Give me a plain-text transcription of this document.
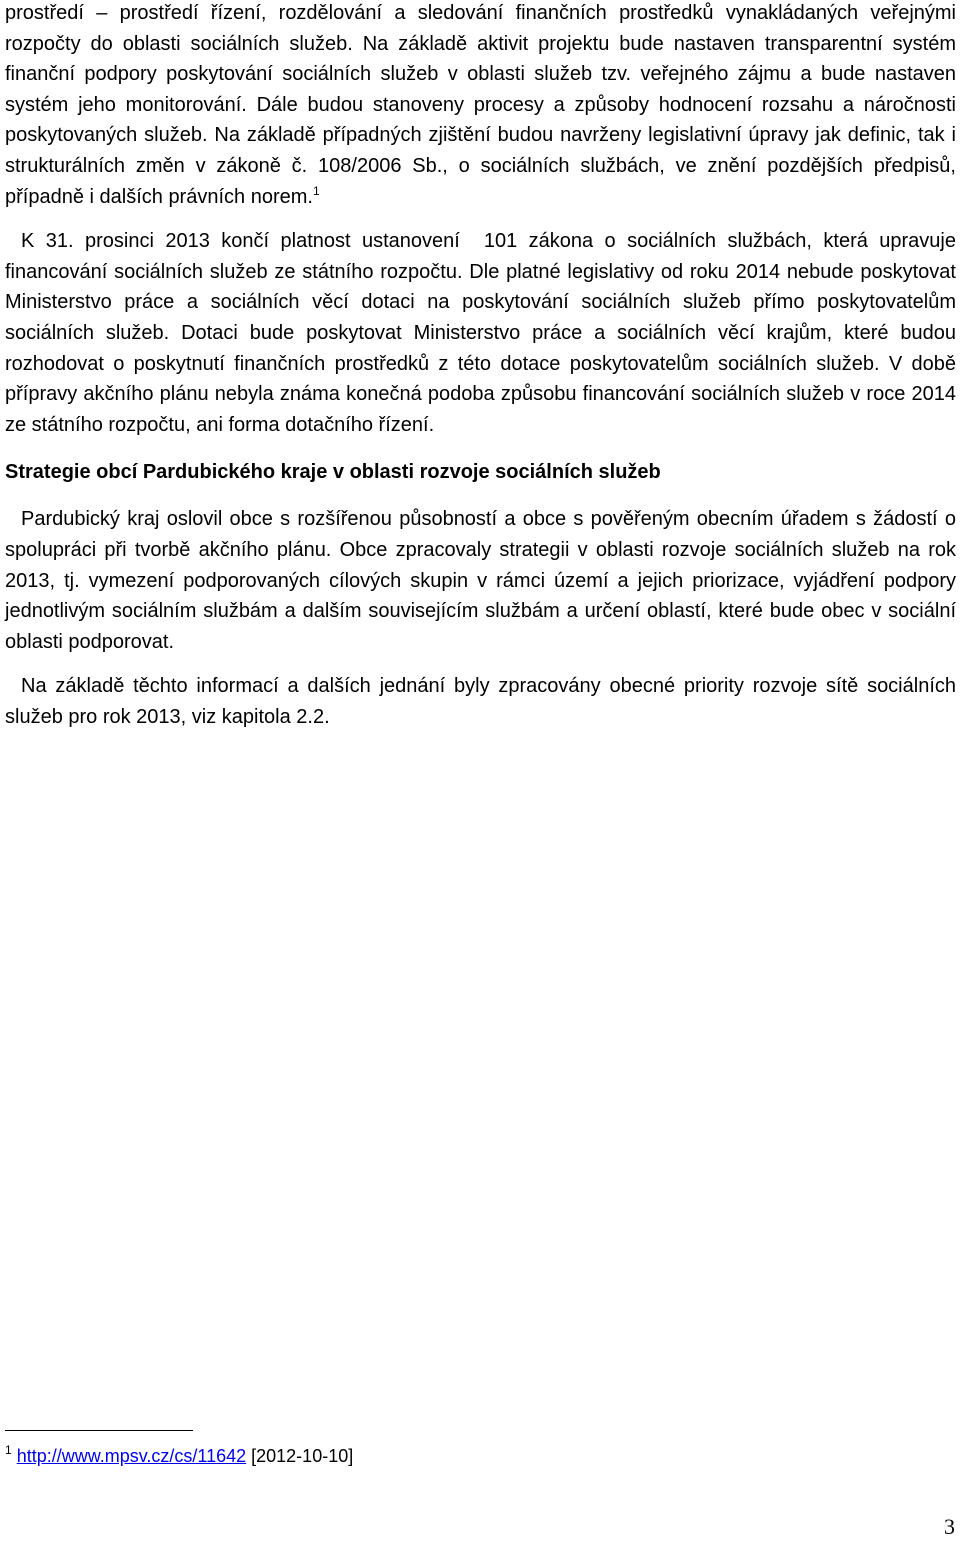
prostředí – prostředí řízení, rozdělování a sledování finančních prostředků vynakládaných veřejnými rozpočty do oblasti sociálních služeb. Na základě aktivit projektu bude nastaven transparentní systém finanční podpory poskytování sociálních služeb v oblasti služeb tzv. veřejného zájmu a bude nastaven systém jeho monitorování. Dále budou stanoveny procesy a způsoby hodnocení rozsahu a náročnosti poskytovaných služeb. Na základě případných zjištění budou navrženy legislativní úpravy jak definic, tak i strukturálních změn v zákoně č. 108/2006 Sb., o sociálních službách, ve znění pozdějších předpisů, případně i dalších právních norem.$^1$

K 31. prosinci 2013 končí platnost ustanovení 101 zákona o sociálních službách, která upravuje financování sociálních služeb ze státního rozpočtu. Dle platné legislativy od roku 2014 nebude poskytovat Ministerstvo práce a sociálních věcí dotaci na poskytování sociálních služeb přímo poskytovatelům sociálních služeb. Dotaci bude poskytovat Ministerstvo práce a sociálních věcí krajům, které budou rozhodovat o poskytnutí finančních prostředků z této dotace poskytovatelům sociálních služeb. V době přípravy akčního plánu nebyla známa konečná podoba způsobu financování sociálních služeb v roce 2014 ze státního rozpočtu, ani forma dotačního řízení.

Strategie obcí Pardubického kraje v oblasti rozvoje sociálních služeb

Pardubický kraj oslovil obce s rozšířenou působností a obce s pověřeným obecním úřadem s žádostí o spolupráci při tvorbě akčního plánu. Obce zpracovaly strategii v oblasti rozvoje sociálních služeb na rok 2013, tj. vymezení podporovaných cílových skupin v rámci území a jejich priorizace, vyjádření podpory jednotlivým sociálním službám a dalším souvisejícím službám a určení oblastí, které bude obec v sociální oblasti podporovat.

Na základě těchto informací a dalších jednání byly zpracovány obecné priority rozvoje sítě sociálních služeb pro rok 2013, viz kapitola 2.2.

$^1$ http://www.mpsv.cz/cs/11642 [2012-10-10]
3
